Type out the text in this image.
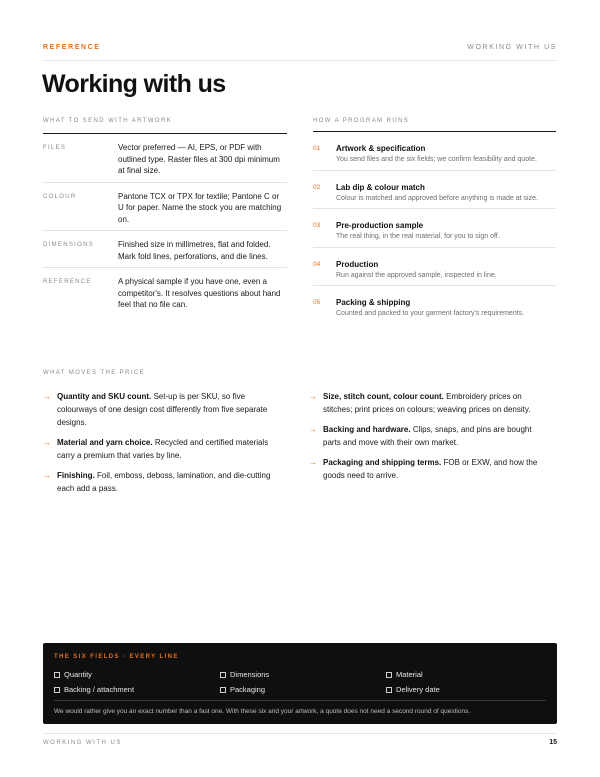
REFERENCE	WORKING WITH US
Working with us
WHAT TO SEND WITH ARTWORK
FILES	Vector preferred — AI, EPS, or PDF with outlined type. Raster files at 300 dpi minimum at final size.
COLOUR	Pantone TCX or TPX for textile; Pantone C or U for paper. Name the stock you are matching on.
DIMENSIONS	Finished size in millimetres, flat and folded. Mark fold lines, perforations, and die lines.
REFERENCE	A physical sample if you have one, even a competitor's. It resolves questions about hand feel that no file can.
HOW A PROGRAM RUNS
01	Artwork & specification
You send files and the six fields; we confirm feasibility and quote.
02	Lab dip & colour match
Colour is matched and approved before anything is made at size.
03	Pre-production sample
The real thing, in the real material, for you to sign off.
04	Production
Run against the approved sample, inspected in line.
05	Packing & shipping
Counted and packed to your garment factory's requirements.
WHAT MOVES THE PRICE
→ Quantity and SKU count. Set-up is per SKU, so five colourways of one design cost differently from five separate designs.
→ Material and yarn choice. Recycled and certified materials carry a premium that varies by line.
→ Finishing. Foil, emboss, deboss, lamination, and die-cutting each add a pass.
→ Size, stitch count, colour count. Embroidery prices on stitches; print prices on colours; weaving prices on density.
→ Backing and hardware. Clips, snaps, and pins are bought parts and move with their own market.
→ Packaging and shipping terms. FOB or EXW, and how the goods need to arrive.
THE SIX FIELDS · EVERY LINE
Quantity	Dimensions	Material
Backing / attachment	Packaging	Delivery date
We would rather give you an exact number than a fast one. With these six and your artwork, a quote does not need a second round of questions.
WORKING WITH US	15
